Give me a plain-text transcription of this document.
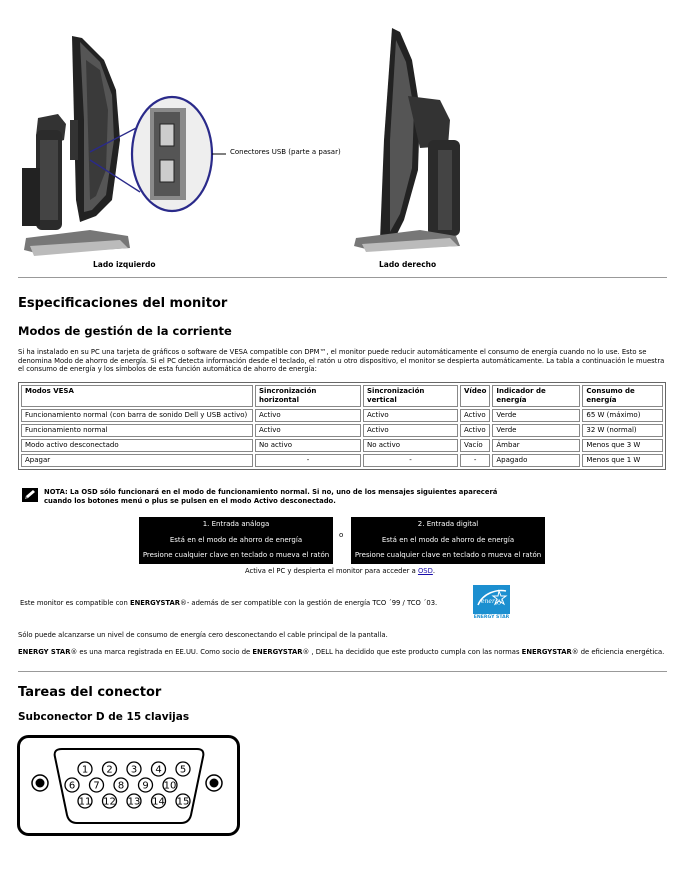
Conectores USB (parte a pasar)
Lado izquierdo	Lado derecho
Especificaciones del monitor
Modos de gestión de la corriente

Si ha instalado en su PC una tarjeta de gráficos o software de VESA compatible con DPM™, el monitor puede reducir automáticamente el consumo de energía cuando no lo use. Esto se denomina Modo de ahorro de energía. Si el PC detecta información desde el teclado, el ratón u otro dispositivo, el monitor se despierta automáticamente. La tabla a continuación le muestra el consumo de energía y los símbolos de esta función automática de ahorro de energía:

Modos VESA	Sincronización horizontal	Sincronización vertical	Vídeo	Indicador de energía	Consumo de energía
Funcionamiento normal (con barra de sonido Dell y USB activo)	Activo	Activo	Activo	Verde	65 W (máximo)
Funcionamiento normal	Activo	Activo	Activo	Verde	32 W (normal)
Modo activo desconectado	No activo	No activo	Vacío	Ámbar	Menos que 3 W
Apagar	-	-	-	Apagado	Menos que 1 W

NOTA: La OSD sólo funcionará en el modo de funcionamiento normal. Si no, uno de los mensajes siguientes aparecerá cuando los botones menú o plus se pulsen en el modo Activo desconectado.

1. Entrada análoga
Está en el modo de ahorro de energía
Presione cualquier clave en teclado o mueva el ratón
o
2. Entrada digital
Está en el modo de ahorro de energía
Presione cualquier clave en teclado o mueva el ratón

Activa el PC y despierta el monitor para acceder a OSD.

Este monitor es compatible con ENERGYSTAR®- además de ser compatible con la gestión de energía TCO ´99 / TCO ´03.	energy
ENERGY STAR

Sólo puede alcanzarse un nivel de consumo de energía cero desconectando el cable principal de la pantalla.

ENERGY STAR® es una marca registrada en EE.UU. Como socio de ENERGYSTAR® , DELL ha decidido que este producto cumpla con las normas ENERGYSTAR® de eficiencia energética.

Tareas del conector
Subconector D de 15 clavijas
1 2 3 4 5
6 7 8 9 10
11 12 13 14 15
